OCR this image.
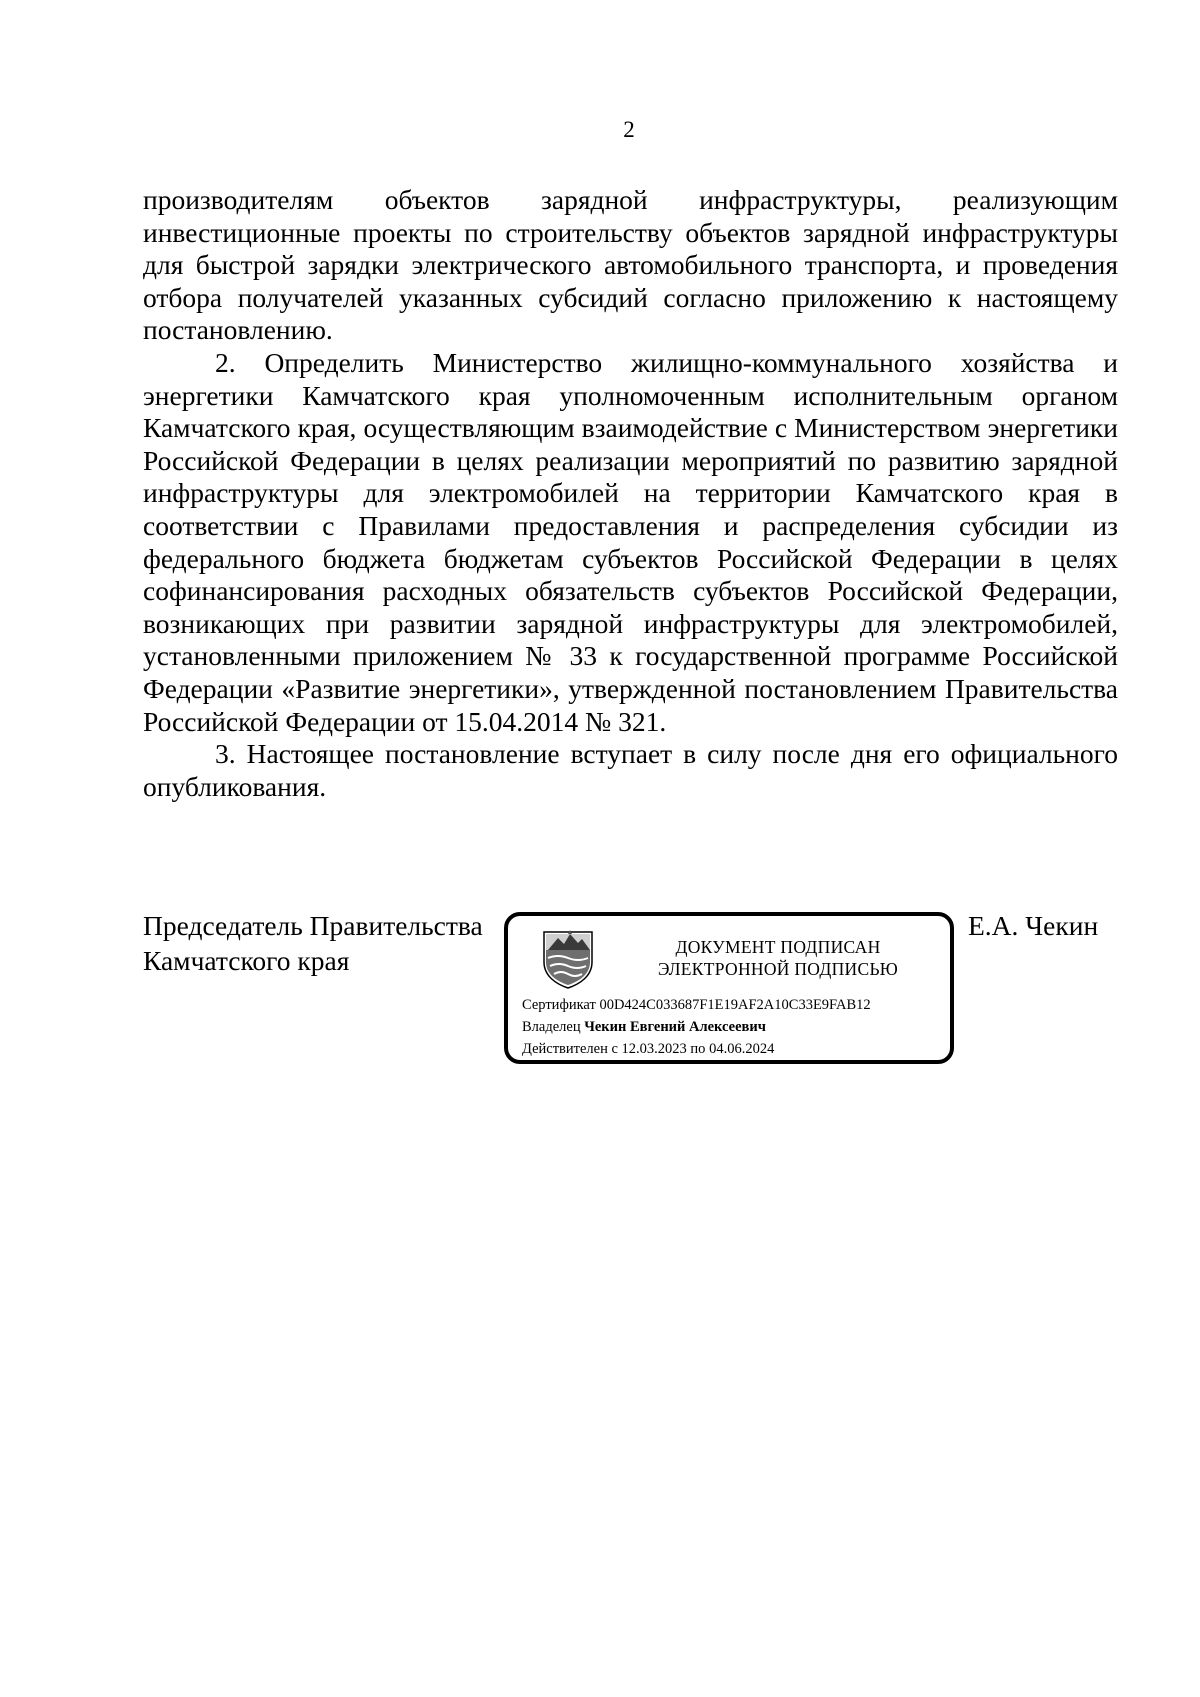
2

производителям объектов зарядной инфраструктуры, реализующим инвестиционные проекты по строительству объектов зарядной инфраструктуры для быстрой зарядки электрического автомобильного транспорта, и проведения отбора получателей указанных субсидий согласно приложению к настоящему постановлению.

2. Определить Министерство жилищно-коммунального хозяйства и энергетики Камчатского края уполномоченным исполнительным органом Камчатского края, осуществляющим взаимодействие с Министерством энергетики Российской Федерации в целях реализации мероприятий по развитию зарядной инфраструктуры для электромобилей на территории Камчатского края в соответствии с Правилами предоставления и распределения субсидии из федерального бюджета бюджетам субъектов Российской Федерации в целях софинансирования расходных обязательств субъектов Российской Федерации, возникающих при развитии зарядной инфраструктуры для электромобилей, установленными приложением № 33 к государственной программе Российской Федерации «Развитие энергетики», утвержденной постановлением Правительства Российской Федерации от 15.04.2014 № 321.

3. Настоящее постановление вступает в силу после дня его официального опубликования.

Председатель Правительства
Камчатского края
Е.А. Чекин
ДОКУМЕНТ ПОДПИСАН
ЭЛЕКТРОННОЙ ПОДПИСЬЮ
Сертификат 00D424C033687F1E19AF2A10C33E9FAB12
Владелец Чекин Евгений Алексеевич
Действителен с 12.03.2023 по 04.06.2024
